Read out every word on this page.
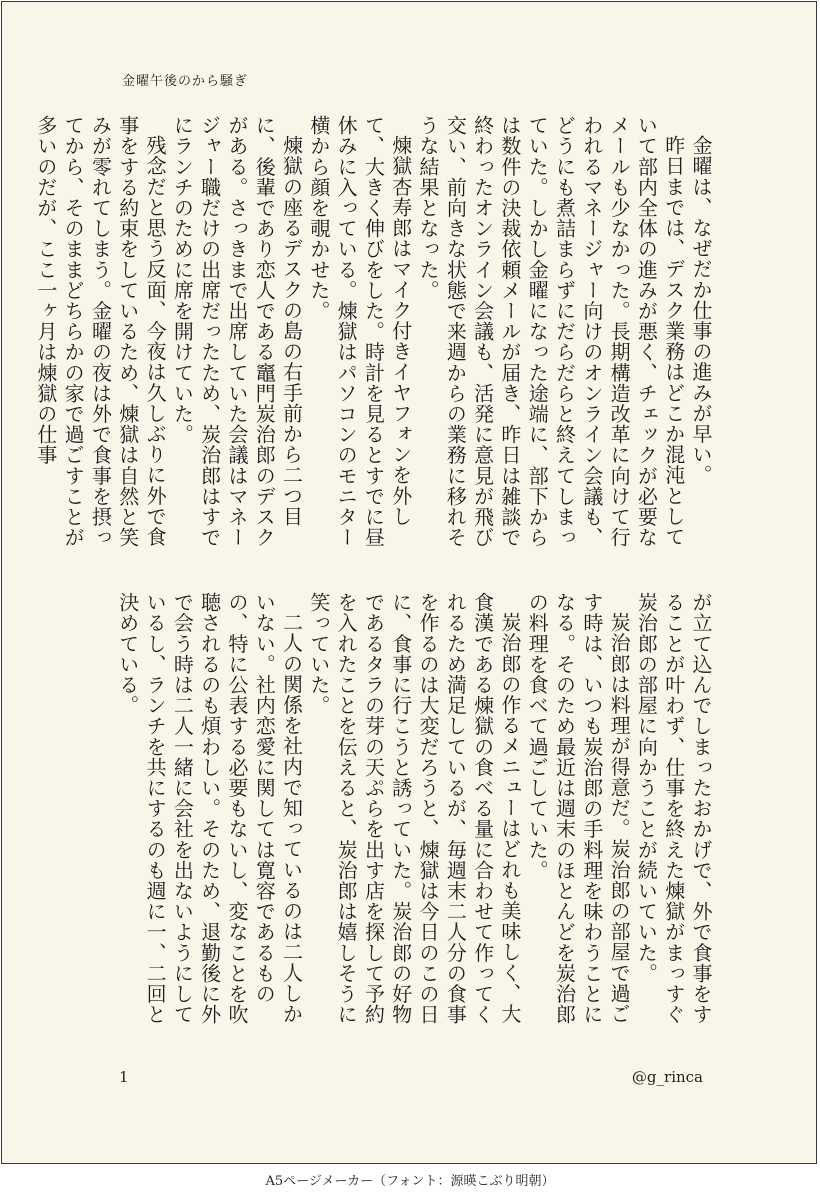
金曜午後のから騒ぎ

金曜は、なぜだか仕事の進みが早い。

昨日までは、デスク業務はどこか混沌としていて部内全体の進みが悪く、チェックが必要なメールも少なかった。長期構造改革に向けて行われるマネージャー向けのオンライン会議も、どうにも煮詰まらずにだらだらと終えてしまっていた。しかし金曜になった途端に、部下からは数件の決裁依頼メールが届き、昨日は雑談で終わったオンライン会議も、活発に意見が飛び交い、前向きな状態で来週からの業務に移れそうな結果となった。

煉獄杏寿郎はマイク付きイヤフォンを外して、大きく伸びをした。時計を見るとすでに昼休みに入っている。煉獄はパソコンのモニター横から顔を覗かせた。

煉獄の座るデスクの島の右手前から二つ目に、後輩であり恋人である竈門炭治郎のデスクがある。さっきまで出席していた会議はマネージャー職だけの出席だったため、炭治郎はすでにランチのために席を開けていた。

残念だと思う反面、今夜は久しぶりに外で食事をする約束をしているため、煉獄は自然と笑みが零れてしまう。金曜の夜は外で食事を摂ってから、そのままどちらかの家で過ごすことが多いのだが、ここ一ヶ月は煉獄の仕事

が立て込んでしまったおかげで、外で食事をすることが叶わず、仕事を終えた煉獄がまっすぐ炭治郎の部屋に向かうことが続いていた。

炭治郎は料理が得意だ。炭治郎の部屋で過ごす時は、いつも炭治郎の手料理を味わうことになる。そのため最近は週末のほとんどを炭治郎の料理を食べて過ごしていた。

炭治郎の作るメニューはどれも美味しく、大食漢である煉獄の食べる量に合わせて作ってくれるため満足しているが、毎週末二人分の食事を作るのは大変だろうと、煉獄は今日のこの日に、食事に行こうと誘っていた。炭治郎の好物であるタラの芽の天ぷらを出す店を探して予約を入れたことを伝えると、炭治郎は嬉しそうに笑っていた。

二人の関係を社内で知っているのは二人しかいない。社内恋愛に関しては寛容であるものの、特に公表する必要もないし、変なことを吹聴されるのも煩わしい。そのため、退勤後に外で会う時は二人一緒に会社を出ないようにしているし、ランチを共にするのも週に一、二回と決めている。

1	@g_rinca
A5ページメーカー（フォント：源暎こぶり明朝）
